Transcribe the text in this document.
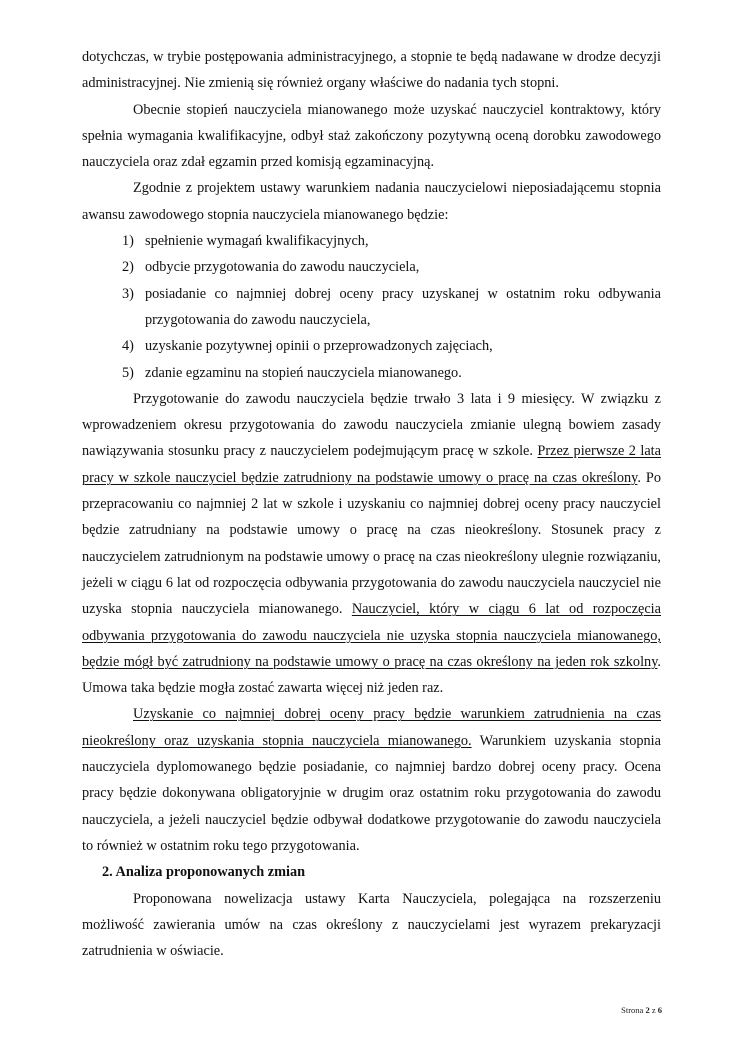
dotychczas, w trybie postępowania administracyjnego, a stopnie te będą nadawane w drodze decyzji administracyjnej. Nie zmienią się również organy właściwe do nadania tych stopni.

Obecnie stopień nauczyciela mianowanego może uzyskać nauczyciel kontraktowy, który spełnia wymagania kwalifikacyjne, odbył staż zakończony pozytywną oceną dorobku zawodowego nauczyciela oraz zdał egzamin przed komisją egzaminacyjną.

Zgodnie z projektem ustawy warunkiem nadania nauczycielowi nieposiadającemu stopnia awansu zawodowego stopnia nauczyciela mianowanego będzie:

1) spełnienie wymagań kwalifikacyjnych,
2) odbycie przygotowania do zawodu nauczyciela,
3) posiadanie co najmniej dobrej oceny pracy uzyskanej w ostatnim roku odbywania przygotowania do zawodu nauczyciela,
4) uzyskanie pozytywnej opinii o przeprowadzonych zajęciach,
5) zdanie egzaminu na stopień nauczyciela mianowanego.

Przygotowanie do zawodu nauczyciela będzie trwało 3 lata i 9 miesięcy. W związku z wprowadzeniem okresu przygotowania do zawodu nauczyciela zmianie ulegną bowiem zasady nawiązywania stosunku pracy z nauczycielem podejmującym pracę w szkole. Przez pierwsze 2 lata pracy w szkole nauczyciel będzie zatrudniony na podstawie umowy o pracę na czas określony. Po przepracowaniu co najmniej 2 lat w szkole i uzyskaniu co najmniej dobrej oceny pracy nauczyciel będzie zatrudniany na podstawie umowy o pracę na czas nieokreślony. Stosunek pracy z nauczycielem zatrudnionym na podstawie umowy o pracę na czas nieokreślony ulegnie rozwiązaniu, jeżeli w ciągu 6 lat od rozpoczęcia odbywania przygotowania do zawodu nauczyciela nauczyciel nie uzyska stopnia nauczyciela mianowanego. Nauczyciel, który w ciągu 6 lat od rozpoczęcia odbywania przygotowania do zawodu nauczyciela nie uzyska stopnia nauczyciela mianowanego, będzie mógł być zatrudniony na podstawie umowy o pracę na czas określony na jeden rok szkolny. Umowa taka będzie mogła zostać zawarta więcej niż jeden raz.

Uzyskanie co najmniej dobrej oceny pracy będzie warunkiem zatrudnienia na czas nieokreślony oraz uzyskania stopnia nauczyciela mianowanego. Warunkiem uzyskania stopnia nauczyciela dyplomowanego będzie posiadanie, co najmniej bardzo dobrej oceny pracy. Ocena pracy będzie dokonywana obligatoryjnie w drugim oraz ostatnim roku przygotowania do zawodu nauczyciela, a jeżeli nauczyciel będzie odbywał dodatkowe przygotowanie do zawodu nauczyciela to również w ostatnim roku tego przygotowania.

2. Analiza proponowanych zmian

Proponowana nowelizacja ustawy Karta Nauczyciela, polegająca na rozszerzeniu możliwość zawierania umów na czas określony z nauczycielami jest wyrazem prekaryzacji zatrudnienia w oświacie.

Strona 2 z 6
